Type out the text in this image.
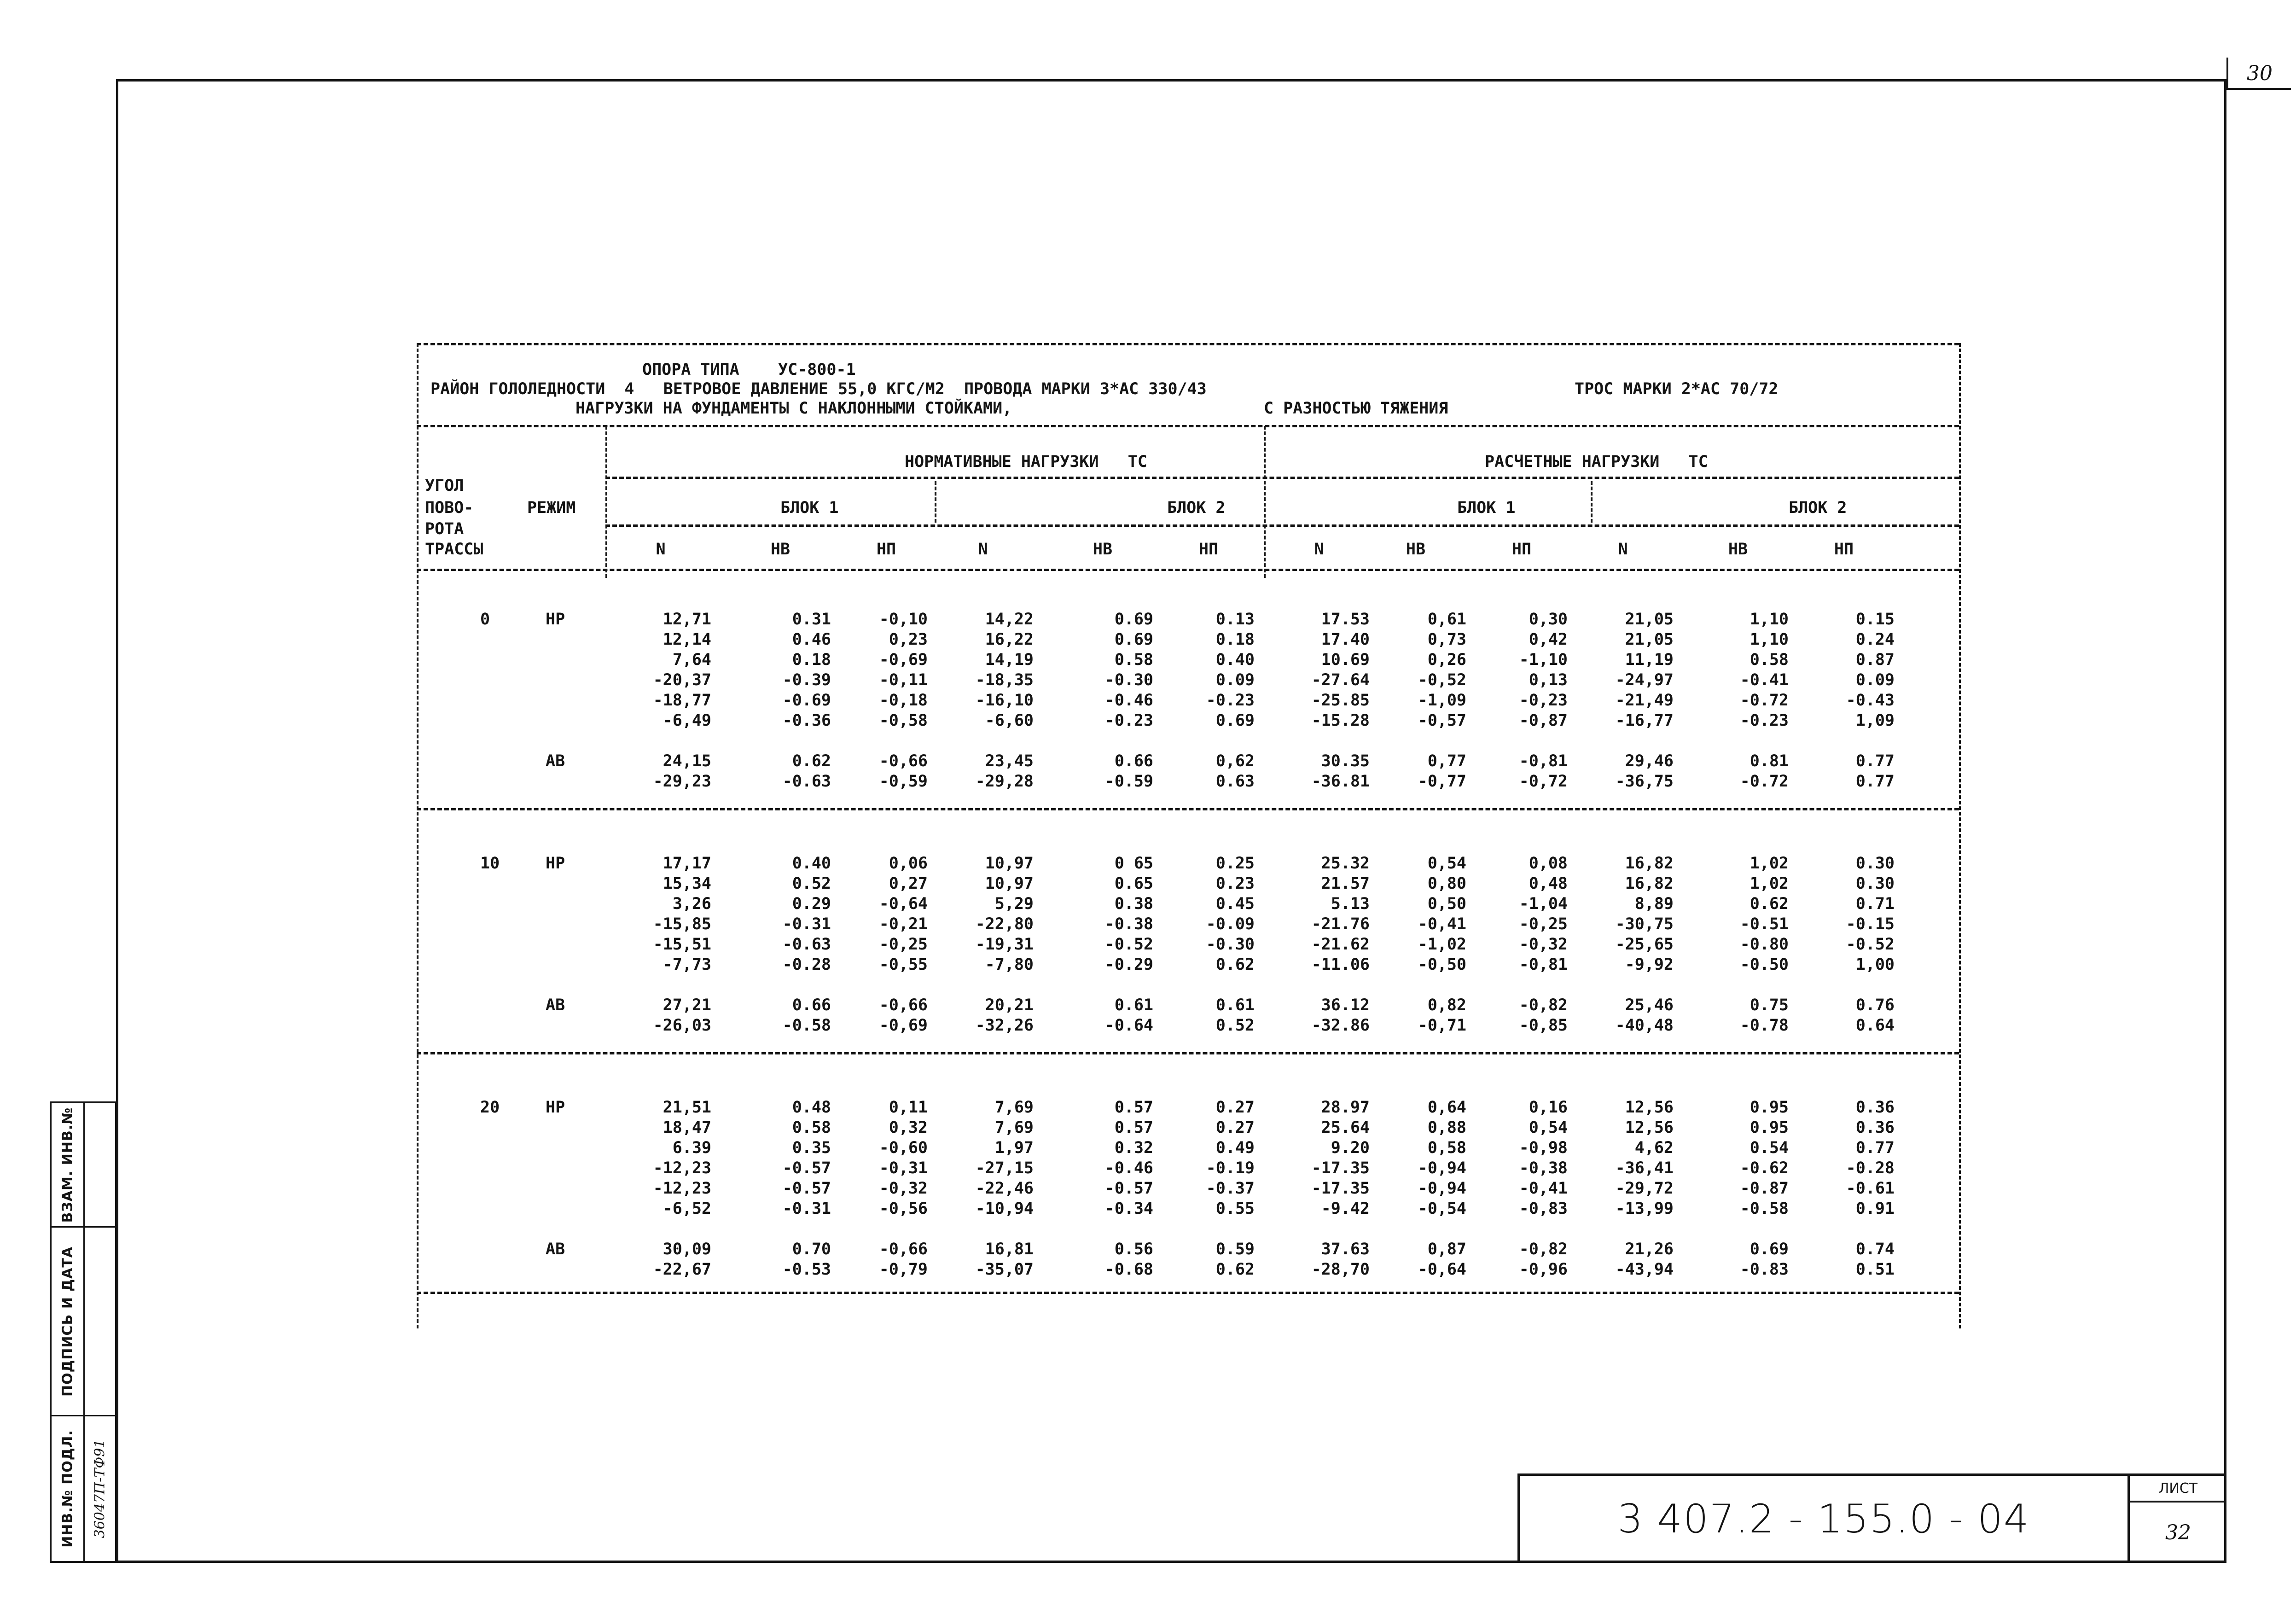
30
ВЗАМ. ИНВ.№
ПОДПИСЬ И ДАТА
ИНВ.№ ПОДЛ. 36047П-ТФ91	3 407.2 - 155.0 - 04
ЛИСТ
32
ОПОРА ТИПА    УС-800-1
РАЙОН ГОЛОЛЕДНОСТИ  4   ВЕТРОВОЕ ДАВЛЕНИЕ 55,0 КГС/М2  ПРОВОДА МАРКИ 3*АС 330/43	ТРОС МАРКИ 2*АС 70/72
НАГРУЗКИ НА ФУНДАМЕНТЫ С НАКЛОННЫМИ СТОЙКАМИ,	С РАЗНОСТЬЮ ТЯЖЕНИЯ
НОРМАТИВНЫЕ НАГРУЗКИ   ТС	РАСЧЕТНЫЕ НАГРУЗКИ   ТС
УГОЛ
ПОВО-
РОТА
ТРАССЫ
РЕЖИМ	БЛОК 1	БЛОК 2	БЛОК 1	БЛОК 2
N	НВ	НП	N	НВ	НП	N	НВ	НП	N	НВ	НП
0	НР	12,71	0.31	-0,10	14,22	0.69	0.13	17.53	0,61	0,30	21,05	1,10	0.15
12,14	0.46	0,23	16,22	0.69	0.18	17.40	0,73	0,42	21,05	1,10	0.24
7,64	0.18	-0,69	14,19	0.58	0.40	10.69	0,26	-1,10	11,19	0.58	0.87
-20,37	-0.39	-0,11	-18,35	-0.30	0.09	-27.64	-0,52	0,13	-24,97	-0.41	0.09
-18,77	-0.69	-0,18	-16,10	-0.46	-0.23	-25.85	-1,09	-0,23	-21,49	-0.72	-0.43
-6,49	-0.36	-0,58	-6,60	-0.23	0.69	-15.28	-0,57	-0,87	-16,77	-0.23	1,09
АВ	24,15	0.62	-0,66	23,45	0.66	0,62	30.35	0,77	-0,81	29,46	0.81	0.77
-29,23	-0.63	-0,59	-29,28	-0.59	0.63	-36.81	-0,77	-0,72	-36,75	-0.72	0.77
10	НР	17,17	0.40	0,06	10,97	0 65	0.25	25.32	0,54	0,08	16,82	1,02	0.30
15,34	0.52	0,27	10,97	0.65	0.23	21.57	0,80	0,48	16,82	1,02	0.30
3,26	0.29	-0,64	5,29	0.38	0.45	5.13	0,50	-1,04	8,89	0.62	0.71
-15,85	-0.31	-0,21	-22,80	-0.38	-0.09	-21.76	-0,41	-0,25	-30,75	-0.51	-0.15
-15,51	-0.63	-0,25	-19,31	-0.52	-0.30	-21.62	-1,02	-0,32	-25,65	-0.80	-0.52
-7,73	-0.28	-0,55	-7,80	-0.29	0.62	-11.06	-0,50	-0,81	-9,92	-0.50	1,00
АВ	27,21	0.66	-0,66	20,21	0.61	0.61	36.12	0,82	-0,82	25,46	0.75	0.76
-26,03	-0.58	-0,69	-32,26	-0.64	0.52	-32.86	-0,71	-0,85	-40,48	-0.78	0.64
20	НР	21,51	0.48	0,11	7,69	0.57	0.27	28.97	0,64	0,16	12,56	0.95	0.36
18,47	0.58	0,32	7,69	0.57	0.27	25.64	0,88	0,54	12,56	0.95	0.36
6.39	0.35	-0,60	1,97	0.32	0.49	9.20	0,58	-0,98	4,62	0.54	0.77
-12,23	-0.57	-0,31	-27,15	-0.46	-0.19	-17.35	-0,94	-0,38	-36,41	-0.62	-0.28
-12,23	-0.57	-0,32	-22,46	-0.57	-0.37	-17.35	-0,94	-0,41	-29,72	-0.87	-0.61
-6,52	-0.31	-0,56	-10,94	-0.34	0.55	-9.42	-0,54	-0,83	-13,99	-0.58	0.91
АВ	30,09	0.70	-0,66	16,81	0.56	0.59	37.63	0,87	-0,82	21,26	0.69	0.74
-22,67	-0.53	-0,79	-35,07	-0.68	0.62	-28,70	-0,64	-0,96	-43,94	-0.83	0.51
